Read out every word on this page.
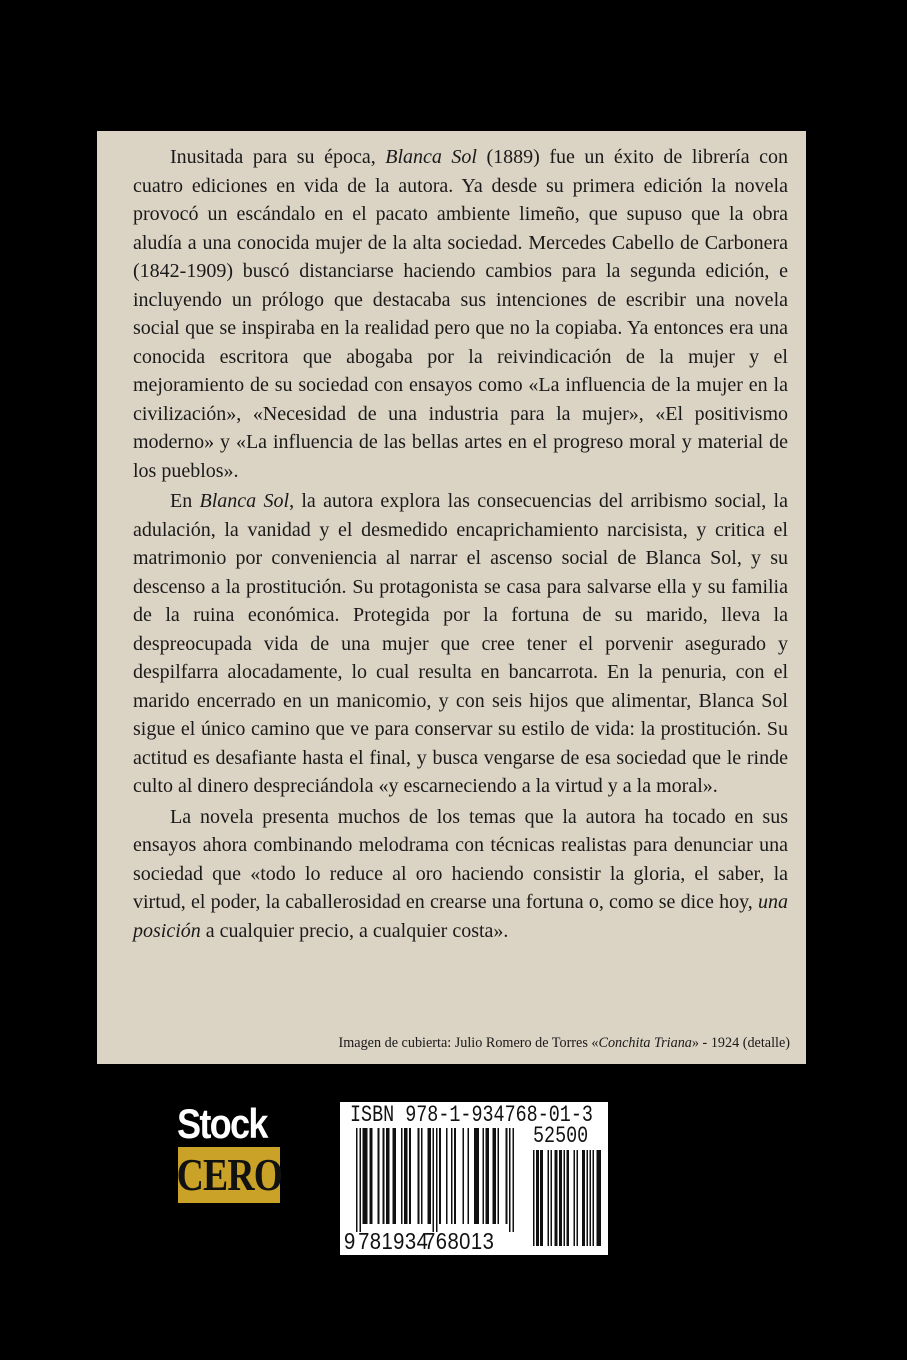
Inusitada para su época, Blanca Sol (1889) fue un éxito de librería con cuatro ediciones en vida de la autora. Ya desde su primera edición la novela provocó un escándalo en el pacato ambiente limeño, que supuso que la obra aludía a una conocida mujer de la alta sociedad. Mercedes Cabello de Carbonera (1842-1909) buscó distanciarse haciendo cambios para la segunda edición, e incluyendo un prólogo que destacaba sus intenciones de escribir una novela social que se inspiraba en la realidad pero que no la copiaba. Ya entonces era una conocida escritora que abogaba por la reivindicación de la mujer y el mejoramiento de su sociedad con ensayos como «La influencia de la mujer en la civilización», «Necesidad de una industria para la mujer», «El positivismo moderno» y «La influencia de las bellas artes en el progreso moral y material de los pueblos».

En Blanca Sol, la autora explora las consecuencias del arribismo social, la adulación, la vanidad y el desmedido encaprichamiento narcisista, y critica el matrimonio por conveniencia al narrar el ascenso social de Blanca Sol, y su descenso a la prostitución. Su protagonista se casa para salvarse ella y su familia de la ruina económica. Protegida por la fortuna de su marido, lleva la despreocupada vida de una mujer que cree tener el porvenir asegurado y despilfarra alocadamente, lo cual resulta en bancarrota. En la penuria, con el marido encerrado en un manicomio, y con seis hijos que alimentar, Blanca Sol sigue el único camino que ve para conservar su estilo de vida: la prostitución. Su actitud es desafiante hasta el final, y busca vengarse de esa sociedad que le rinde culto al dinero despreciándola «y escarneciendo a la virtud y a la moral».

La novela presenta muchos de los temas que la autora ha tocado en sus ensayos ahora combinando melodrama con técnicas realistas para denunciar una sociedad que «todo lo reduce al oro haciendo consistir la gloria, el saber, la virtud, el poder, la caballerosidad en crearse una fortuna o, como se dice hoy, una posición a cualquier precio, a cualquier costa».

Imagen de cubierta: Julio Romero de Torres «Conchita Triana» - 1924 (detalle)
Stock
CERO
ISBN 978-1-934768-01-3
52500
9 781934
768013
